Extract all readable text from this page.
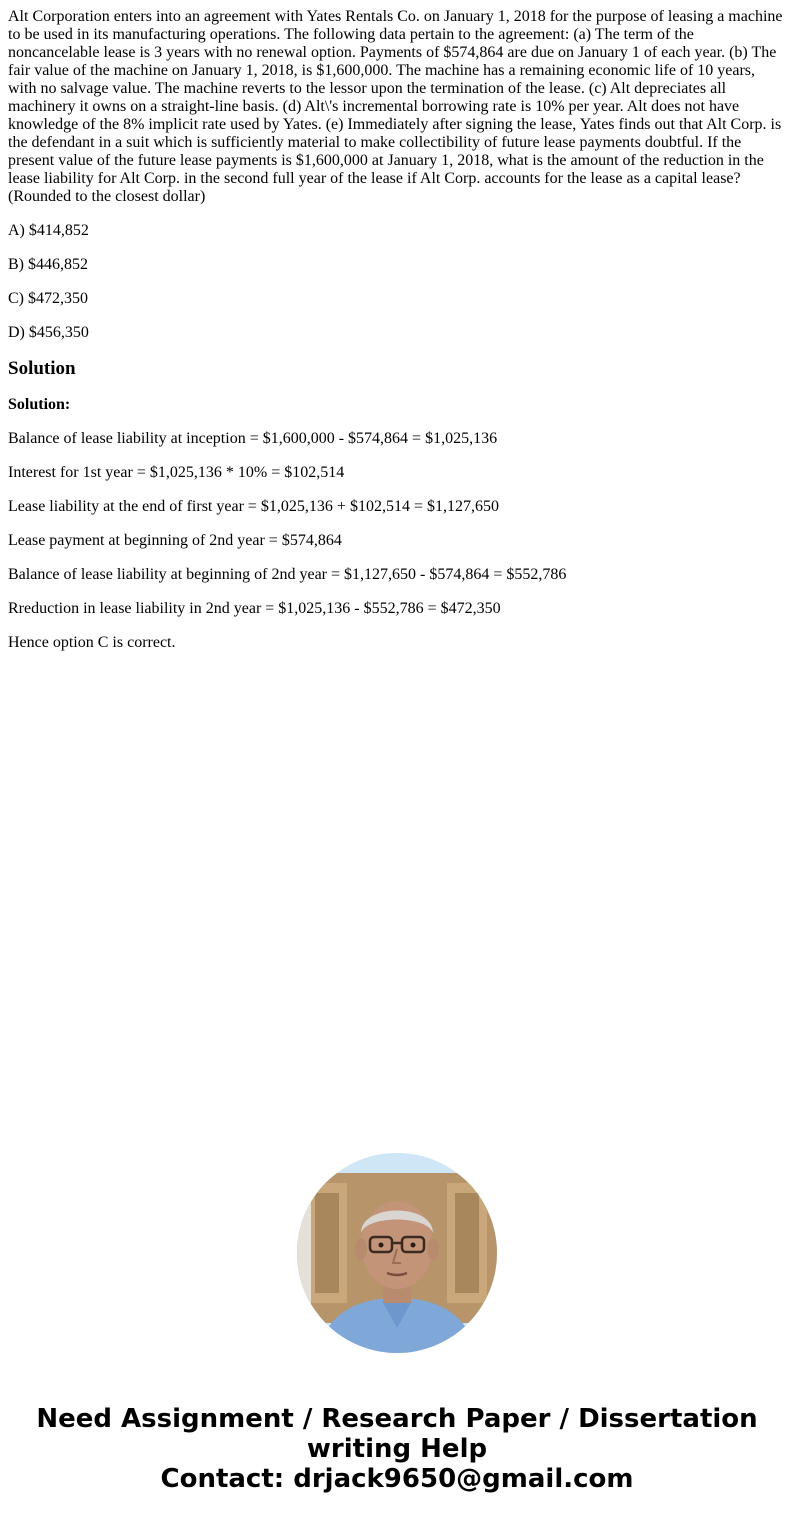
Alt Corporation enters into an agreement with Yates Rentals Co. on January 1, 2018 for the purpose of leasing a machine to be used in its manufacturing operations. The following data pertain to the agreement: (a) The term of the noncancelable lease is 3 years with no renewal option. Payments of $574,864 are due on January 1 of each year. (b) The fair value of the machine on January 1, 2018, is $1,600,000. The machine has a remaining economic life of 10 years, with no salvage value. The machine reverts to the lessor upon the termination of the lease. (c) Alt depreciates all machinery it owns on a straight-line basis. (d) Alt\'s incremental borrowing rate is 10% per year. Alt does not have knowledge of the 8% implicit rate used by Yates. (e) Immediately after signing the lease, Yates finds out that Alt Corp. is the defendant in a suit which is sufficiently material to make collectibility of future lease payments doubtful. If the present value of the future lease payments is $1,600,000 at January 1, 2018, what is the amount of the reduction in the lease liability for Alt Corp. in the second full year of the lease if Alt Corp. accounts for the lease as a capital lease? (Rounded to the closest dollar)

A) $414,852

B) $446,852

C) $472,350

D) $456,350

Solution

Solution:

Balance of lease liability at inception = $1,600,000 - $574,864 = $1,025,136

Interest for 1st year = $1,025,136 * 10% = $102,514

Lease liability at the end of first year = $1,025,136 + $102,514 = $1,127,650

Lease payment at beginning of 2nd year = $574,864

Balance of lease liability at beginning of 2nd year = $1,127,650 - $574,864 = $552,786

Rreduction in lease liability in 2nd year = $1,025,136 - $552,786 = $472,350

Hence option C is correct.

Need Assignment / Research Paper / Dissertation
writing Help
Contact: drjack9650@gmail.com
